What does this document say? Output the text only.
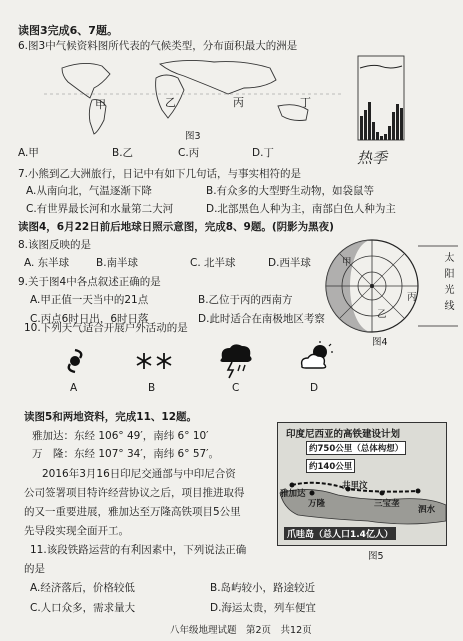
读图3完成6、7题。
6.图3中气候资料图所代表的气候类型，分布面积最大的洲是
甲	乙	丙	丁
图3
A.甲	B.乙	C.丙	D.丁	热季
7.小熊到乙大洲旅行，日记中有如下几句话，与事实相符的是
A.从南向北，气温逐渐下降	B.有众多的大型野生动物，如袋鼠等
C.有世界最长河和水量第二大河	D.北部黑色人种为主，南部白色人种为主
读图4，6月22日前后地球日照示意图，完成8、9题。(阴影为黑夜)
8.该图反映的是
A. 东半球	B.南半球	C. 北半球	D.西半球
9.关于图4中各点叙述正确的是
A.甲正值一天当中的21点	B.乙位于丙的西南方
C.丙点6时日出，6时日落	D.此时适合在南极地区考察
甲
乙
丙	太阳光线
图4
10.下列天气适合开展户外活动的是
A	B	C	D
读图5和两地资料，完成11、12题。
雅加达：东经 106° 49′，南纬 6° 10′
万　隆：东经 107° 34′，南纬 6° 57′。
2016年3月16日印尼交通部与中印尼合资
公司签署项目特许经营协议之后，项目推进取得
的又一重要进展，雅加达至万隆高铁项目5公里
先导段实现全面开工。
11.该段铁路运营的有利因素中，下列说法正确
的是
A.经济落后，价格较低	B.岛屿较小，路途较近
C.人口众多，需求量大	D.海运太贵，列车便宜
印度尼西亚的高铁建设计划
约750公里（总体构想）
约140公里
雅加达
万隆
井里汶
三宝垄
泗水
爪哇岛（总人口1.4亿人）
图5
八年级地理试题　第2页　共12页
